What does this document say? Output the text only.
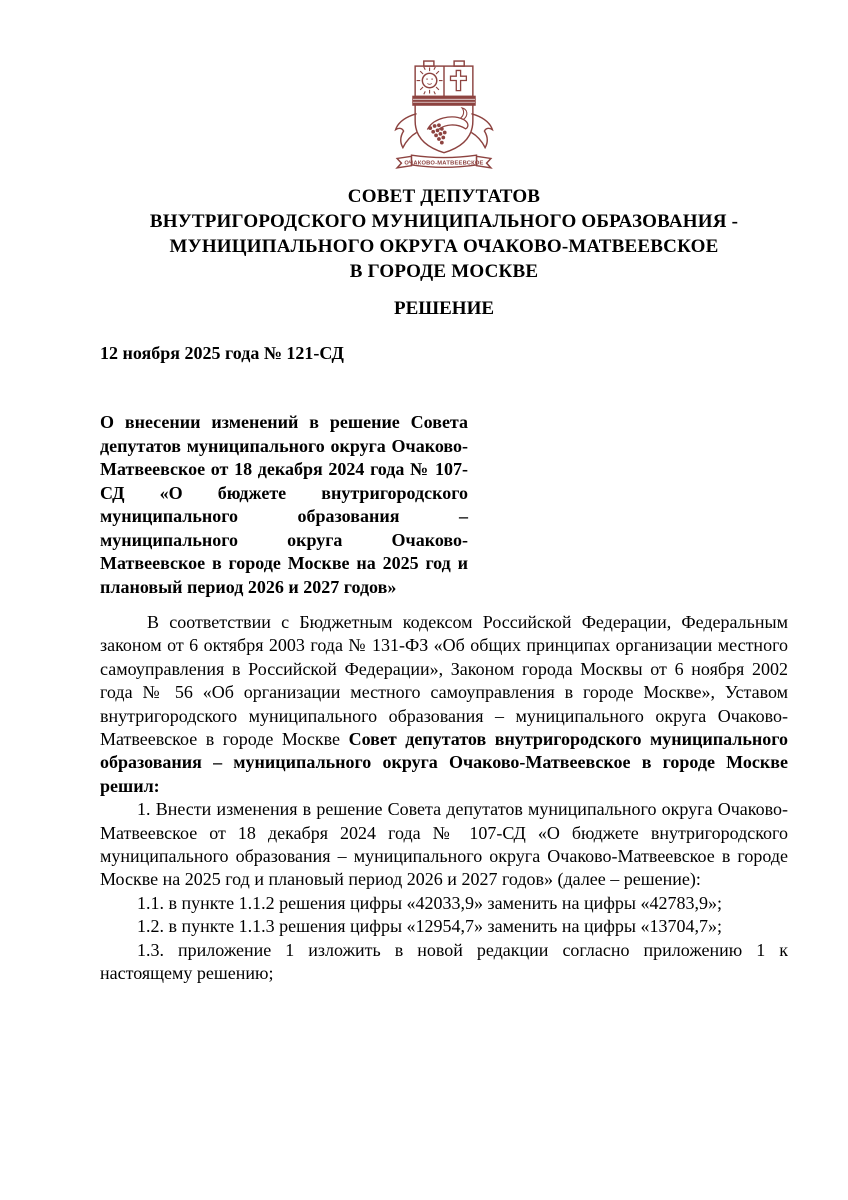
ОЧАКОВО-МАТВЕЕВСКОЕ
СОВЕТ ДЕПУТАТОВ
ВНУТРИГОРОДСКОГО МУНИЦИПАЛЬНОГО ОБРАЗОВАНИЯ -
МУНИЦИПАЛЬНОГО ОКРУГА ОЧАКОВО-МАТВЕЕВСКОЕ
В ГОРОДЕ МОСКВЕ
РЕШЕНИЕ
12 ноября 2025 года № 121-СД
О внесении изменений в решение Совета депутатов муниципального округа Очаково-Матвеевское от 18 декабря 2024 года № 107-СД «О бюджете внутригородского муниципального образования – муниципального округа Очаково-Матвеевское в городе Москве на 2025 год и плановый период 2026 и 2027 годов»

В соответствии с Бюджетным кодексом Российской Федерации, Федеральным законом от 6 октября 2003 года № 131-ФЗ «Об общих принципах организации местного самоуправления в Российской Федерации», Законом города Москвы от 6 ноября 2002 года № 56 «Об организации местного самоуправления в городе Москве», Уставом внутригородского муниципального образования – муниципального округа Очаково-Матвеевское в городе Москве Совет депутатов внутригородского муниципального образования – муниципального округа Очаково-Матвеевское в городе Москве решил:

1. Внести изменения в решение Совета депутатов муниципального округа Очаково-Матвеевское от 18 декабря 2024 года № 107-СД «О бюджете внутригородского муниципального образования – муниципального округа Очаково-Матвеевское в городе Москве на 2025 год и плановый период 2026 и 2027 годов» (далее – решение):

1.1. в пункте 1.1.2 решения цифры «42033,9» заменить на цифры «42783,9»;

1.2. в пункте 1.1.3 решения цифры «12954,7» заменить на цифры «13704,7»;

1.3. приложение 1 изложить в новой редакции согласно приложению 1 к настоящему решению;
